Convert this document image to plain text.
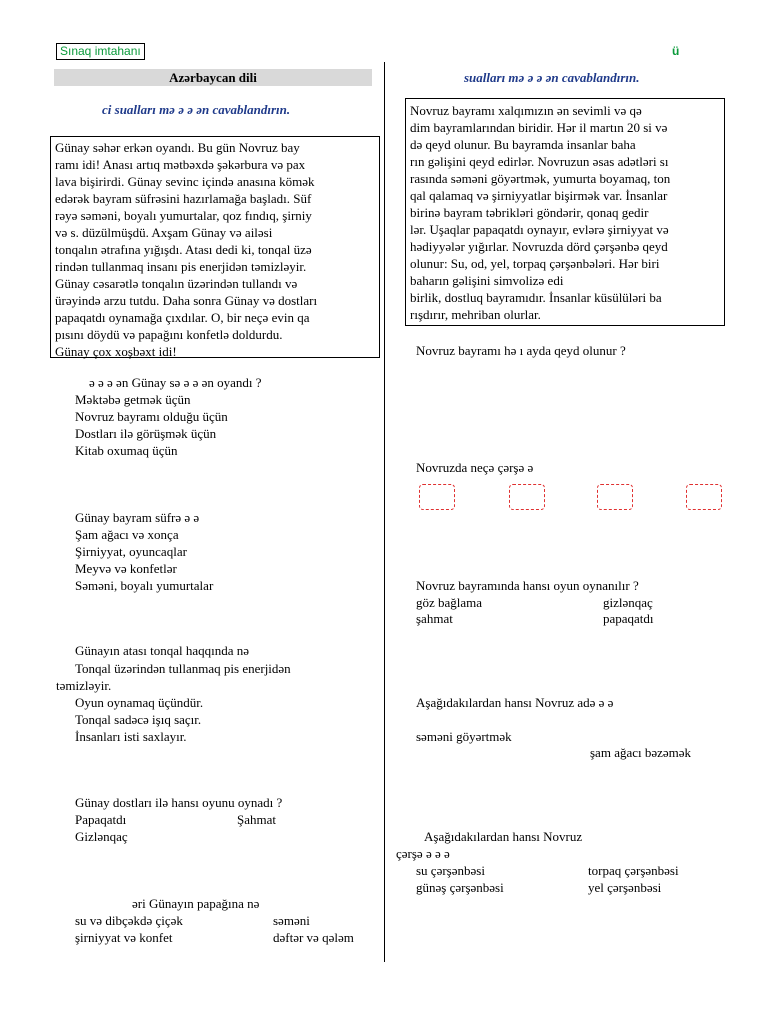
Sınaq imtahanı	ü
Azərbaycan dili
ci sualları mə ə ə ən cavablandırın.
Günay səhər erkən oyandı. Bu gün Novruz bay
ramı idi! Anası artıq mətbəxdə şəkərbura və pax
lava bişirirdi. Günay sevinc içində anasına kömək
edərək bayram süfrəsini hazırlamağa başladı. Süf
rəyə səməni, boyalı yumurtalar, qoz fındıq, şirniy
və s. düzülmüşdü. Axşam Günay və ailəsi
tonqalın ətrafına yığışdı. Atası dedi ki, tonqal üzə
rindən tullanmaq insanı pis enerjidən təmizləyir.
Günay cəsarətlə tonqalın üzərindən tullandı və
ürəyində arzu tutdu. Daha sonra Günay və dostları
papaqatdı oynamağa çıxdılar. O, bir neçə evin qa
pısını döydü və papağını konfetlə doldurdu.
Günay çox xoşbəxt idi!
ə ə ə ən Günay sə ə ə ən oyandı ?
Məktəbə getmək üçün
Novruz bayramı olduğu üçün
Dostları ilə görüşmək üçün
Kitab oxumaq üçün
Günay bayram süfrə ə ə
Şam ağacı və xonça
Şirniyyat, oyuncaqlar
Meyvə və konfetlər
Səməni, boyalı yumurtalar
Günayın atası tonqal haqqında nə
Tonqal üzərindən tullanmaq pis enerjidən
təmizləyir.
Oyun oynamaq üçündür.
Tonqal sadəcə işıq saçır.
İnsanları isti saxlayır.
Günay dostları ilə hansı oyunu oynadı ?
Papaqatdı	Şahmat
Gizlənqaç
əri Günayın papağına nə
su və dibçəkdə çiçək	səməni
şirniyyat və konfet	dəftər və qələm
sualları mə ə ə ən cavablandırın.
Novruz bayramı xalqımızın ən sevimli və qə
dim bayramlarından biridir. Hər il martın 20 si və
də qeyd olunur. Bu bayramda insanlar baha
rın gəlişini qeyd edirlər. Novruzun əsas adətləri sı
rasında səməni göyərtmək, yumurta boyamaq, ton
qal qalamaq və şirniyyatlar bişirmək var. İnsanlar
birinə bayram təbrikləri göndərir, qonaq gedir
lər. Uşaqlar papaqatdı oynayır, evlərə şirniyyat və
hədiyyələr yığırlar. Novruzda dörd çərşənbə qeyd
olunur: Su, od, yel, torpaq çərşənbələri. Hər biri
baharın gəlişini simvolizə edi
birlik, dostluq bayramıdır. İnsanlar küsülüləri ba
rışdırır, mehriban olurlar.
Novruz bayramı hə ı ayda qeyd olunur ?
Novruzda neçə çərşə ə
Novruz bayramında hansı oyun oynanılır ?
göz bağlama	gizlənqaç
şahmat	papaqatdı
Aşağıdakılardan hansı Novruz adə ə ə
səməni göyərtmək
şam ağacı bəzəmək
Aşağıdakılardan hansı Novruz
çərşə ə ə ə
su çərşənbəsi	torpaq çərşənbəsi
günəş çərşənbəsi	yel çərşənbəsi
